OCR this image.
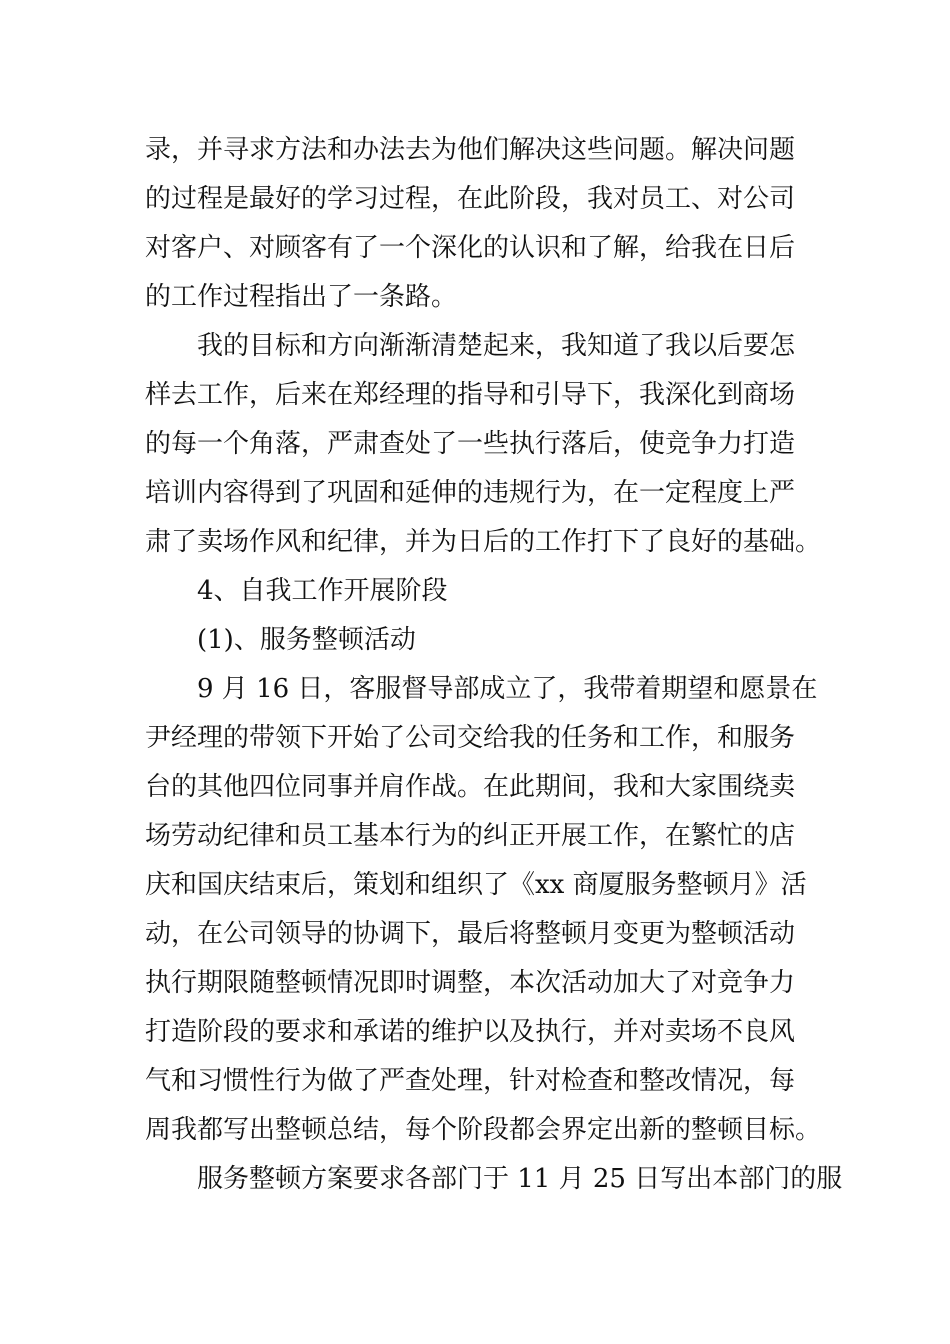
录，并寻求方法和办法去为他们解决这些问题。解决问题
的过程是最好的学习过程，在此阶段，我对员工、对公司
对客户、对顾客有了一个深化的认识和了解，给我在日后
的工作过程指出了一条路。
我的目标和方向渐渐清楚起来，我知道了我以后要怎
样去工作，后来在郑经理的指导和引导下，我深化到商场
的每一个角落，严肃查处了一些执行落后，使竞争力打造
培训内容得到了巩固和延伸的违规行为，在一定程度上严
肃了卖场作风和纪律，并为日后的工作打下了良好的基础。
4、自我工作开展阶段
(1)、服务整顿活动
9 月 16 日，客服督导部成立了，我带着期望和愿景在
尹经理的带领下开始了公司交给我的任务和工作，和服务
台的其他四位同事并肩作战。在此期间，我和大家围绕卖
场劳动纪律和员工基本行为的纠正开展工作，在繁忙的店
庆和国庆结束后，策划和组织了《xx 商厦服务整顿月》活
动，在公司领导的协调下，最后将整顿月变更为整顿活动
执行期限随整顿情况即时调整，本次活动加大了对竞争力
打造阶段的要求和承诺的维护以及执行，并对卖场不良风
气和习惯性行为做了严查处理，针对检查和整改情况，每
周我都写出整顿总结，每个阶段都会界定出新的整顿目标。
服务整顿方案要求各部门于 11 月 25 日写出本部门的服
